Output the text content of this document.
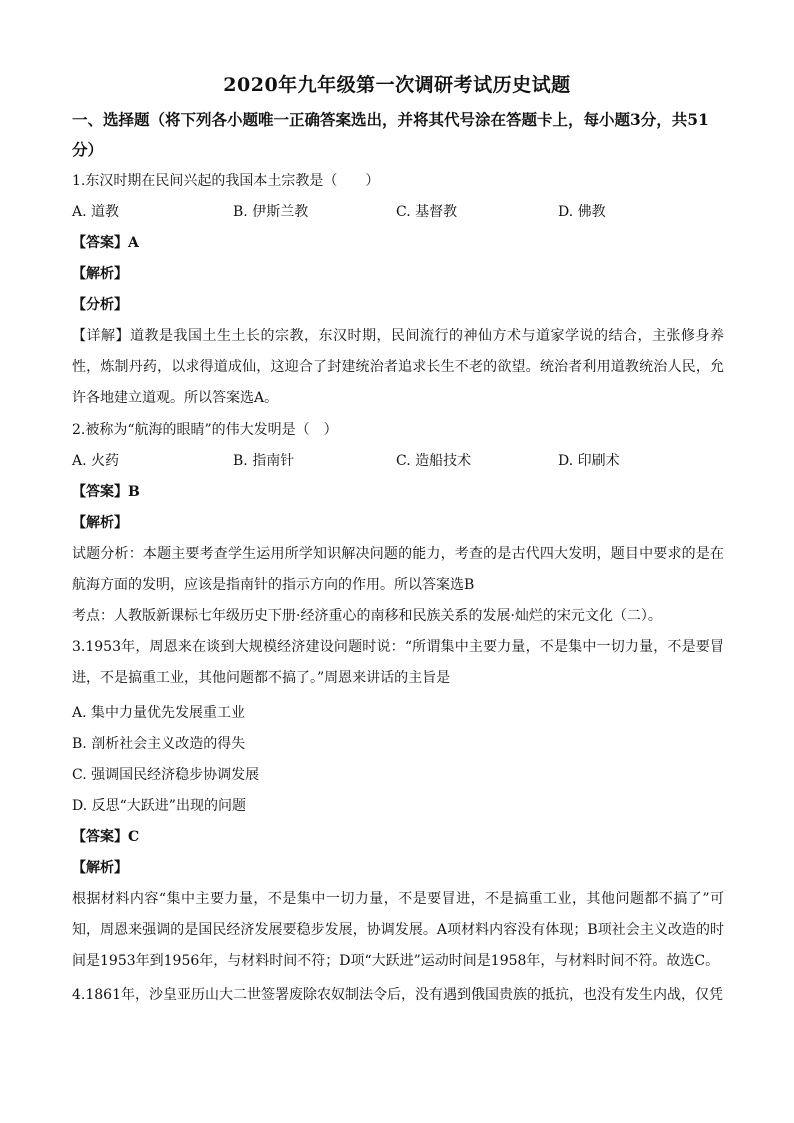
2020年九年级第一次调研考试历史试题
一、选择题（将下列各小题唯一正确答案选出，并将其代号涂在答题卡上，每小题3分，共51
分）
1.东汉时期在民间兴起的我国本土宗教是（　　）
A. 道教	B. 伊斯兰教	C. 基督教	D. 佛教
【答案】A
【解析】
【分析】
【详解】道教是我国土生土长的宗教，东汉时期，民间流行的神仙方术与道家学说的结合，主张修身养性，炼制丹药，以求得道成仙，这迎合了封建统治者追求长生不老的欲望。统治者利用道教统治人民，允许各地建立道观。所以答案选A。
2.被称为“航海的眼睛”的伟大发明是（　）
A. 火药	B. 指南针	C. 造船技术	D. 印刷术
【答案】B
【解析】
试题分析：本题主要考查学生运用所学知识解决问题的能力，考查的是古代四大发明，题目中要求的是在航海方面的发明，应该是指南针的指示方向的作用。所以答案选B
考点：人教版新课标七年级历史下册·经济重心的南移和民族关系的发展·灿烂的宋元文化（二）。
3.1953年，周恩来在谈到大规模经济建设问题时说：“所谓集中主要力量，不是集中一切力量，不是要冒进，不是搞重工业，其他问题都不搞了。”周恩来讲话的主旨是
A. 集中力量优先发展重工业
B. 剖析社会主义改造的得失
C. 强调国民经济稳步协调发展
D. 反思“大跃进”出现的问题
【答案】C
【解析】
根据材料内容“集中主要力量，不是集中一切力量，不是要冒进，不是搞重工业，其他问题都不搞了”可知，周恩来强调的是国民经济发展要稳步发展，协调发展。A项材料内容没有体现；B项社会主义改造的时间是1953年到1956年，与材料时间不符；D项“大跃进”运动时间是1958年，与材料时间不符。故选C。
4.1861年，沙皇亚历山大二世签署废除农奴制法令后，没有遇到俄国贵族的抵抗，也没有发生内战，仅凭
